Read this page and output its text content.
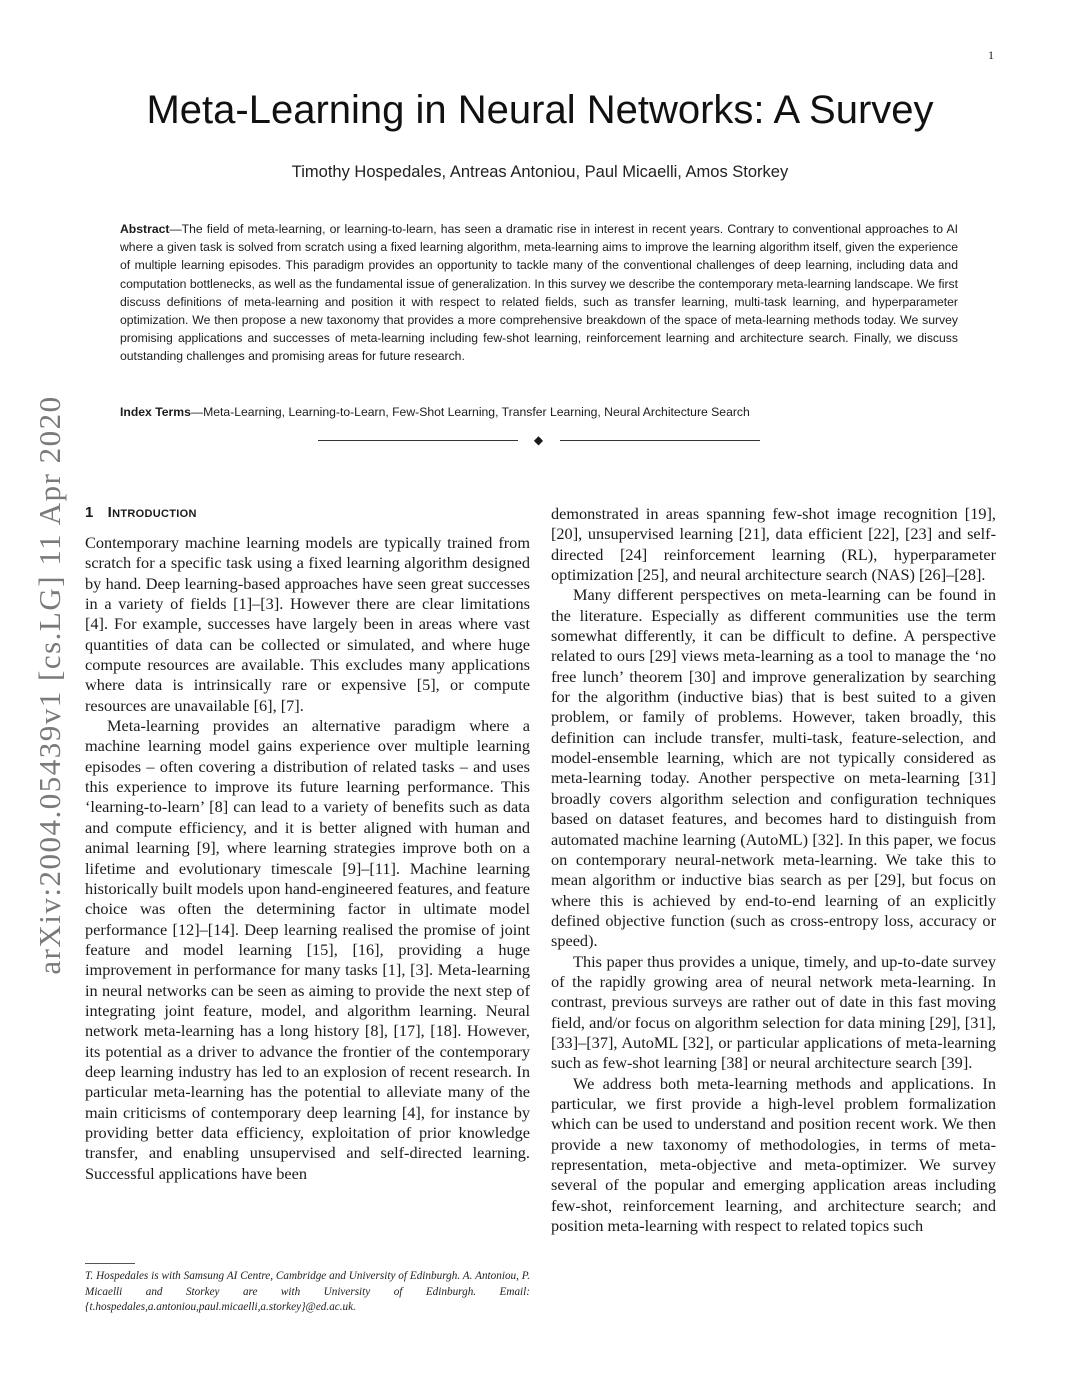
1
arXiv:2004.05439v1 [cs.LG] 11 Apr 2020
Meta-Learning in Neural Networks: A Survey
Timothy Hospedales, Antreas Antoniou, Paul Micaelli, Amos Storkey

Abstract—The field of meta-learning, or learning-to-learn, has seen a dramatic rise in interest in recent years. Contrary to conventional approaches to AI where a given task is solved from scratch using a fixed learning algorithm, meta-learning aims to improve the learning algorithm itself, given the experience of multiple learning episodes. This paradigm provides an opportunity to tackle many of the conventional challenges of deep learning, including data and computation bottlenecks, as well as the fundamental issue of generalization. In this survey we describe the contemporary meta-learning landscape. We first discuss definitions of meta-learning and position it with respect to related fields, such as transfer learning, multi-task learning, and hyperparameter optimization. We then propose a new taxonomy that provides a more comprehensive breakdown of the space of meta-learning methods today. We survey promising applications and successes of meta-learning including few-shot learning, reinforcement learning and architecture search. Finally, we discuss outstanding challenges and promising areas for future research.

Index Terms—Meta-Learning, Learning-to-Learn, Few-Shot Learning, Transfer Learning, Neural Architecture Search

◆
1 Introduction

Contemporary machine learning models are typically trained from scratch for a specific task using a fixed learning algorithm designed by hand. Deep learning-based approaches have seen great successes in a variety of fields [1]–[3]. However there are clear limitations [4]. For example, successes have largely been in areas where vast quantities of data can be collected or simulated, and where huge compute resources are available. This excludes many applications where data is intrinsically rare or expensive [5], or compute resources are unavailable [6], [7].

Meta-learning provides an alternative paradigm where a machine learning model gains experience over multiple learning episodes – often covering a distribution of related tasks – and uses this experience to improve its future learning performance. This ‘learning-to-learn’ [8] can lead to a variety of benefits such as data and compute efficiency, and it is better aligned with human and animal learning [9], where learning strategies improve both on a lifetime and evolutionary timescale [9]–[11]. Machine learning historically built models upon hand-engineered features, and feature choice was often the determining factor in ultimate model performance [12]–[14]. Deep learning realised the promise of joint feature and model learning [15], [16], providing a huge improvement in performance for many tasks [1], [3]. Meta-learning in neural networks can be seen as aiming to provide the next step of integrating joint feature, model, and algorithm learning. Neural network meta-learning has a long history [8], [17], [18]. However, its potential as a driver to advance the frontier of the contemporary deep learning industry has led to an explosion of recent research. In particular meta-learning has the potential to alleviate many of the main criticisms of contemporary deep learning [4], for instance by providing better data efficiency, exploitation of prior knowledge transfer, and enabling unsupervised and self-directed learning. Successful applications have been

demonstrated in areas spanning few-shot image recognition [19], [20], unsupervised learning [21], data efficient [22], [23] and self-directed [24] reinforcement learning (RL), hyperparameter optimization [25], and neural architecture search (NAS) [26]–[28].

Many different perspectives on meta-learning can be found in the literature. Especially as different communities use the term somewhat differently, it can be difficult to define. A perspective related to ours [29] views meta-learning as a tool to manage the ‘no free lunch’ theorem [30] and improve generalization by searching for the algorithm (inductive bias) that is best suited to a given problem, or family of problems. However, taken broadly, this definition can include transfer, multi-task, feature-selection, and model-ensemble learning, which are not typically considered as meta-learning today. Another perspective on meta-learning [31] broadly covers algorithm selection and configuration techniques based on dataset features, and becomes hard to distinguish from automated machine learning (AutoML) [32]. In this paper, we focus on contemporary neural-network meta-learning. We take this to mean algorithm or inductive bias search as per [29], but focus on where this is achieved by end-to-end learning of an explicitly defined objective function (such as cross-entropy loss, accuracy or speed).

This paper thus provides a unique, timely, and up-to-date survey of the rapidly growing area of neural network meta-learning. In contrast, previous surveys are rather out of date in this fast moving field, and/or focus on algorithm selection for data mining [29], [31], [33]–[37], AutoML [32], or particular applications of meta-learning such as few-shot learning [38] or neural architecture search [39].

We address both meta-learning methods and applications. In particular, we first provide a high-level problem formalization which can be used to understand and position recent work. We then provide a new taxonomy of methodologies, in terms of meta-representation, meta-objective and meta-optimizer. We survey several of the popular and emerging application areas including few-shot, reinforcement learning, and architecture search; and position meta-learning with respect to related topics such

T. Hospedales is with Samsung AI Centre, Cambridge and University of Edinburgh. A. Antoniou, P. Micaelli and Storkey are with University of Edinburgh. Email: {t.hospedales,a.antoniou,paul.micaelli,a.storkey}@ed.ac.uk.
